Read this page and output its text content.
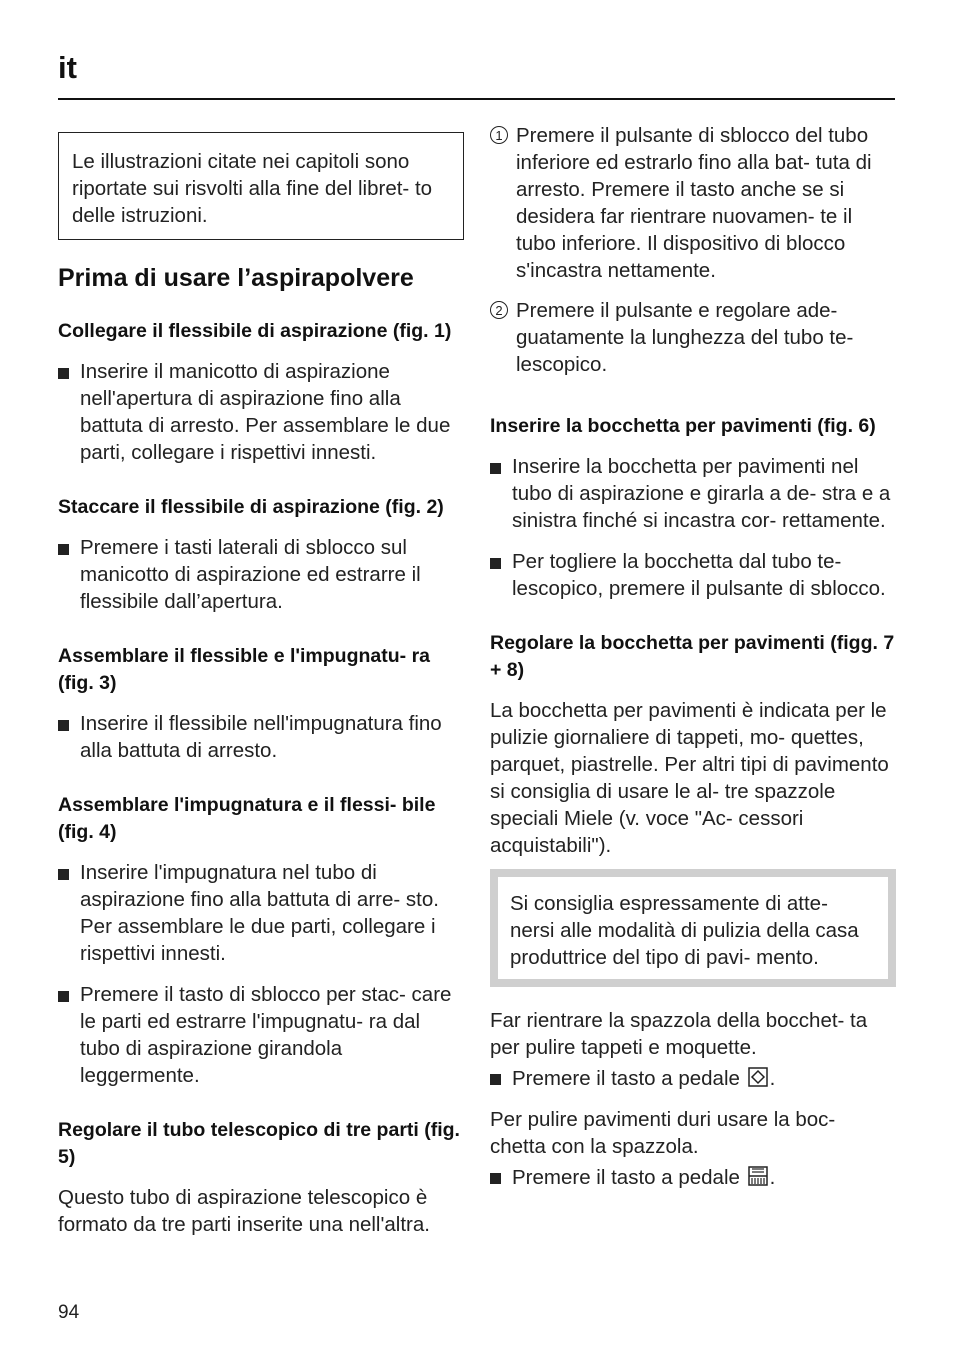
it

Le illustrazioni citate nei capitoli sono riportate sui risvolti alla fine del libret- to delle istruzioni.

Prima di usare l’aspirapolvere
Collegare il flessibile di aspirazione (fig. 1)

Inserire il manicotto di aspirazione nell'apertura di aspirazione fino alla battuta di arresto. Per assemblare le due parti, collegare i rispettivi innesti.

Staccare il flessibile di aspirazione (fig. 2)

Premere i tasti laterali di sblocco sul manicotto di aspirazione ed estrarre il flessibile dall’apertura.

Assemblare il flessible e l'impugnatu- ra (fig. 3)

Inserire il flessibile nell'impugnatura fino alla battuta di arresto.

Assemblare l'impugnatura e il flessi- bile (fig. 4)

Inserire l'impugnatura nel tubo di aspirazione fino alla battuta di arre- sto. Per assemblare le due parti, collegare i rispettivi innesti.

Premere il tasto di sblocco per stac- care le parti ed estrarre l'impugnatu- ra dal tubo di aspirazione girandola leggermente.

Regolare il tubo telescopico di tre parti (fig. 5)

Questo tubo di aspirazione telescopico è formato da tre parti inserite una nell'altra.

1 Premere il pulsante di sblocco del tubo inferiore ed estrarlo fino alla bat- tuta di arresto. Premere il tasto anche se si desidera far rientrare nuovamen- te il tubo inferiore. Il dispositivo di blocco s'incastra nettamente.

2 Premere il pulsante e regolare ade- guatamente la lunghezza del tubo te- lescopico.

Inserire la bocchetta per pavimenti (fig. 6)

Inserire la bocchetta per pavimenti nel tubo di aspirazione e girarla a de- stra e a sinistra finché si incastra cor- rettamente.

Per togliere la bocchetta dal tubo te- lescopico, premere il pulsante di sblocco.

Regolare la bocchetta per pavimenti (figg. 7 + 8)

La bocchetta per pavimenti è indicata per le pulizie giornaliere di tappeti, mo- quettes, parquet, piastrelle. Per altri tipi di pavimento si consiglia di usare le al- tre spazzole speciali Miele (v. voce "Ac- cessori acquistabili").

Si consiglia espressamente di atte- nersi alle modalità di pulizia della casa produttrice del tipo di pavi- mento.

Far rientrare la spazzola della bocchet- ta per pulire tappeti e moquette.

Premere il tasto a pedale .

Per pulire pavimenti duri usare la boc- chetta con la spazzola.

Premere il tasto a pedale .

94
